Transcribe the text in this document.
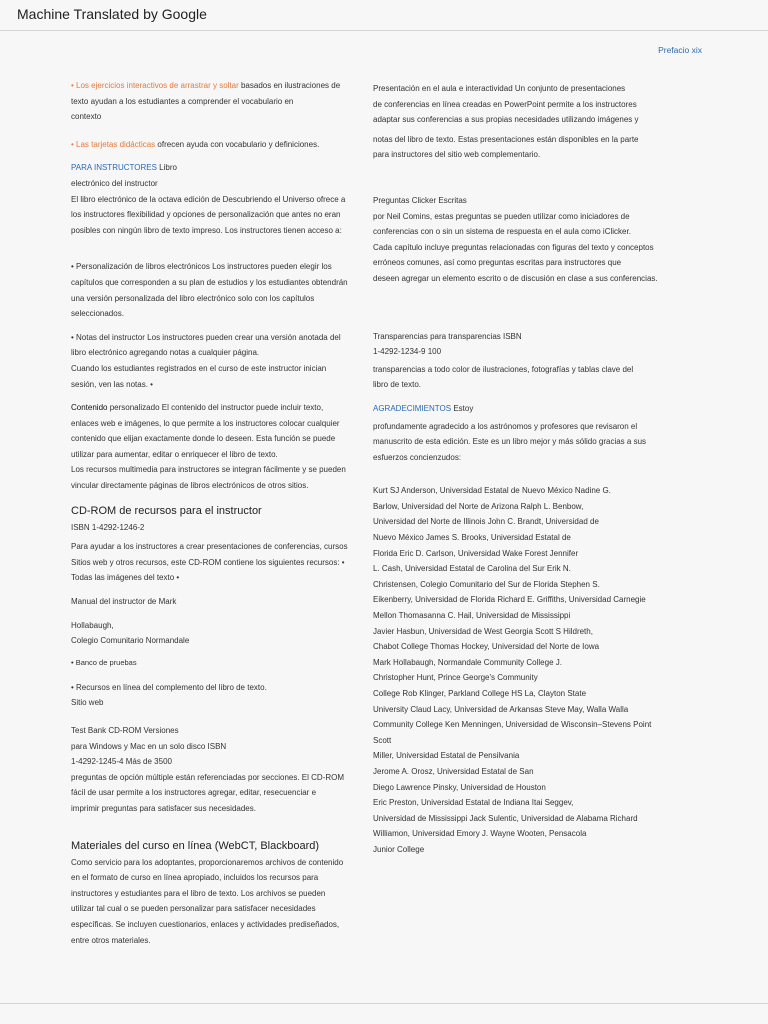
Machine Translated by Google
Prefacio xix

• Los ejercicios interactivos de arrastrar y soltar basados en ilustraciones de

texto ayudan a los estudiantes a comprender el vocabulario en

contexto

• Las tarjetas didácticas ofrecen ayuda con vocabulario y definiciones.

PARA INSTRUCTORES Libro

electrónico del instructor

El libro electrónico de la octava edición de Descubriendo el Universo ofrece a

los instructores flexibilidad y opciones de personalización que antes no eran

posibles con ningún libro de texto impreso. Los instructores tienen acceso a:

• Personalización de libros electrónicos Los instructores pueden elegir los

capítulos que corresponden a su plan de estudios y los estudiantes obtendrán

una versión personalizada del libro electrónico solo con los capítulos

seleccionados.

• Notas del instructor Los instructores pueden crear una versión anotada del

libro electrónico agregando notas a cualquier página.

Cuando los estudiantes registrados en el curso de este instructor inician

sesión, ven las notas. •

Contenido personalizado El contenido del instructor puede incluir texto,

enlaces web e imágenes, lo que permite a los instructores colocar cualquier

contenido que elijan exactamente donde lo deseen. Esta función se puede

utilizar para aumentar, editar o enriquecer el libro de texto.

Los recursos multimedia para instructores se integran fácilmente y se pueden

vincular directamente páginas de libros electrónicos de otros sitios.

CD-ROM de recursos para el instructor

ISBN 1-4292-1246-2

Para ayudar a los instructores a crear presentaciones de conferencias, cursos

Sitios web y otros recursos, este CD-ROM contiene los siguientes recursos: •

Todas las imágenes del texto •

Manual del instructor de Mark

Hollabaugh,

Colegio Comunitario Normandale

• Banco de pruebas

• Recursos en línea del complemento del libro de texto.

Sitio web

Test Bank CD-ROM Versiones

para Windows y Mac en un solo disco ISBN

1-4292-1245-4 Más de 3500

preguntas de opción múltiple están referenciadas por secciones. El CD-ROM

fácil de usar permite a los instructores agregar, editar, resecuenciar e

imprimir preguntas para satisfacer sus necesidades.

Materiales del curso en línea (WebCT, Blackboard)

Como servicio para los adoptantes, proporcionaremos archivos de contenido

en el formato de curso en línea apropiado, incluidos los recursos para

instructores y estudiantes para el libro de texto. Los archivos se pueden

utilizar tal cual o se pueden personalizar para satisfacer necesidades

específicas. Se incluyen cuestionarios, enlaces y actividades prediseñados,

entre otros materiales.

Presentación en el aula e interactividad Un conjunto de presentaciones

de conferencias en línea creadas en PowerPoint permite a los instructores

adaptar sus conferencias a sus propias necesidades utilizando imágenes y

notas del libro de texto. Estas presentaciones están disponibles en la parte

para instructores del sitio web complementario.

Preguntas Clicker Escritas

por Neil Comins, estas preguntas se pueden utilizar como iniciadores de

conferencias con o sin un sistema de respuesta en el aula como iClicker.

Cada capítulo incluye preguntas relacionadas con figuras del texto y conceptos

erróneos comunes, así como preguntas escritas para instructores que

deseen agregar un elemento escrito o de discusión en clase a sus conferencias.

Transparencias para transparencias ISBN

1-4292-1234-9 100

transparencias a todo color de ilustraciones, fotografías y tablas clave del

libro de texto.

AGRADECIMIENTOS Estoy

profundamente agradecido a los astrónomos y profesores que revisaron el

manuscrito de esta edición. Este es un libro mejor y más sólido gracias a sus

esfuerzos concienzudos:

Kurt SJ Anderson, Universidad Estatal de Nuevo México Nadine G.

Barlow, Universidad del Norte de Arizona Ralph L. Benbow,

Universidad del Norte de Illinois John C. Brandt, Universidad de

Nuevo México James S. Brooks, Universidad Estatal de

Florida Eric D. Carlson, Universidad Wake Forest Jennifer

L. Cash, Universidad Estatal de Carolina del Sur Erik N.

Christensen, Colegio Comunitario del Sur de Florida Stephen S.

Eikenberry, Universidad de Florida Richard E. Griffiths, Universidad Carnegie

Mellon Thomasanna C. Hail, Universidad de Mississippi

Javier Hasbun, Universidad de West Georgia Scott S Hildreth,

Chabot College Thomas Hockey, Universidad del Norte de Iowa

Mark Hollabaugh, Normandale Community College J.

Christopher Hunt, Prince George's Community

College Rob Klinger, Parkland College HS La, Clayton State

University Claud Lacy, Universidad de Arkansas Steve May, Walla Walla

Community College Ken Menningen, Universidad de Wisconsin–Stevens Point

Scott

Miller, Universidad Estatal de Pensilvania

Jerome A. Orosz, Universidad Estatal de San

Diego Lawrence Pinsky, Universidad de Houston

Eric Preston, Universidad Estatal de Indiana Itai Seggev,

Universidad de Mississippi Jack Sulentic, Universidad de Alabama Richard

Williamon, Universidad Emory J. Wayne Wooten, Pensacola

Junior College
